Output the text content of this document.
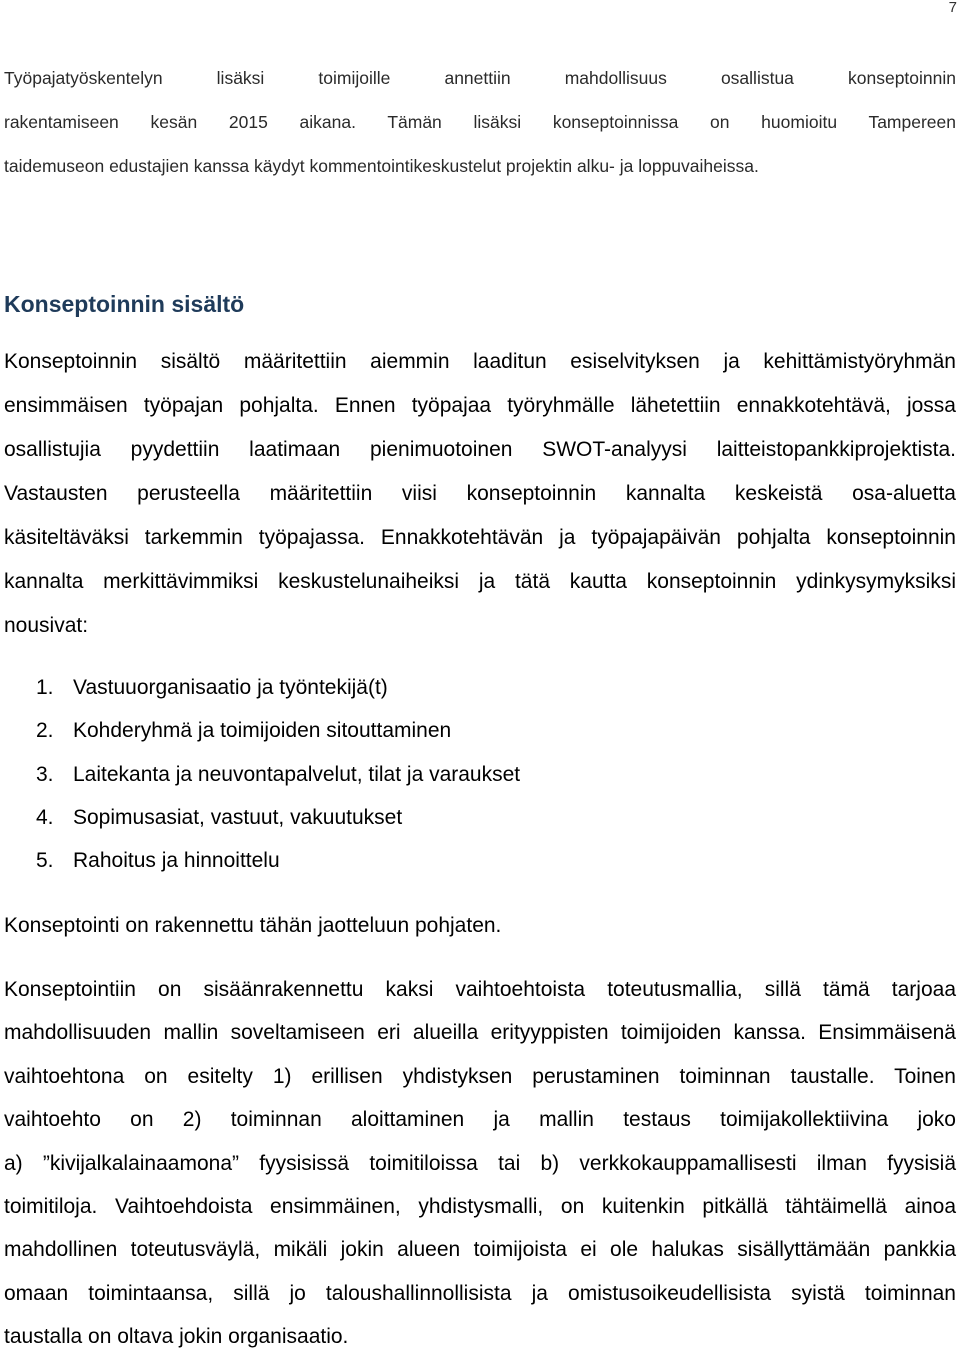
7
Työpajatyöskentelyn lisäksi toimijoille annettiin mahdollisuus osallistua konseptoinnin
rakentamiseen kesän 2015 aikana. Tämän lisäksi konseptoinnissa on huomioitu Tampereen
taidemuseon edustajien kanssa käydyt kommentointikeskustelut projektin alku- ja loppuvaiheissa.
Konseptoinnin sisältö
Konseptoinnin sisältö määritettiin aiemmin laaditun esiselvityksen ja kehittämistyöryhmän
ensimmäisen työpajan pohjalta. Ennen työpajaa työryhmälle lähetettiin ennakkotehtävä, jossa
osallistujia pyydettiin laatimaan pienimuotoinen SWOT-analyysi laitteistopankkiprojektista.
Vastausten perusteella määritettiin viisi konseptoinnin kannalta keskeistä osa-aluetta
käsiteltäväksi tarkemmin työpajassa. Ennakkotehtävän ja työpajapäivän pohjalta konseptoinnin
kannalta merkittävimmiksi keskustelunaiheiksi ja tätä kautta konseptoinnin ydinkysymyksiksi
nousivat:
1. Vastuuorganisaatio ja työntekijä(t)
2. Kohderyhmä ja toimijoiden sitouttaminen
3. Laitekanta ja neuvontapalvelut, tilat ja varaukset
4. Sopimusasiat, vastuut, vakuutukset
5. Rahoitus ja hinnoittelu
Konseptointi on rakennettu tähän jaotteluun pohjaten.
Konseptointiin on sisäänrakennettu kaksi vaihtoehtoista toteutusmallia, sillä tämä tarjoaa
mahdollisuuden mallin soveltamiseen eri alueilla erityyppisten toimijoiden kanssa. Ensimmäisenä
vaihtoehtona on esitelty 1) erillisen yhdistyksen perustaminen toiminnan taustalle. Toinen
vaihtoehto on 2) toiminnan aloittaminen ja mallin testaus toimijakollektiivina joko
a) ”kivijalkalainaamona” fyysisissä toimitiloissa tai b) verkkokauppamallisesti ilman fyysisiä
toimitiloja. Vaihtoehdoista ensimmäinen, yhdistysmalli, on kuitenkin pitkällä tähtäimellä ainoa
mahdollinen toteutusväylä, mikäli jokin alueen toimijoista ei ole halukas sisällyttämään pankkia
omaan toimintaansa, sillä jo taloushallinnollisista ja omistusoikeudellisista syistä toiminnan
taustalla on oltava jokin organisaatio.
